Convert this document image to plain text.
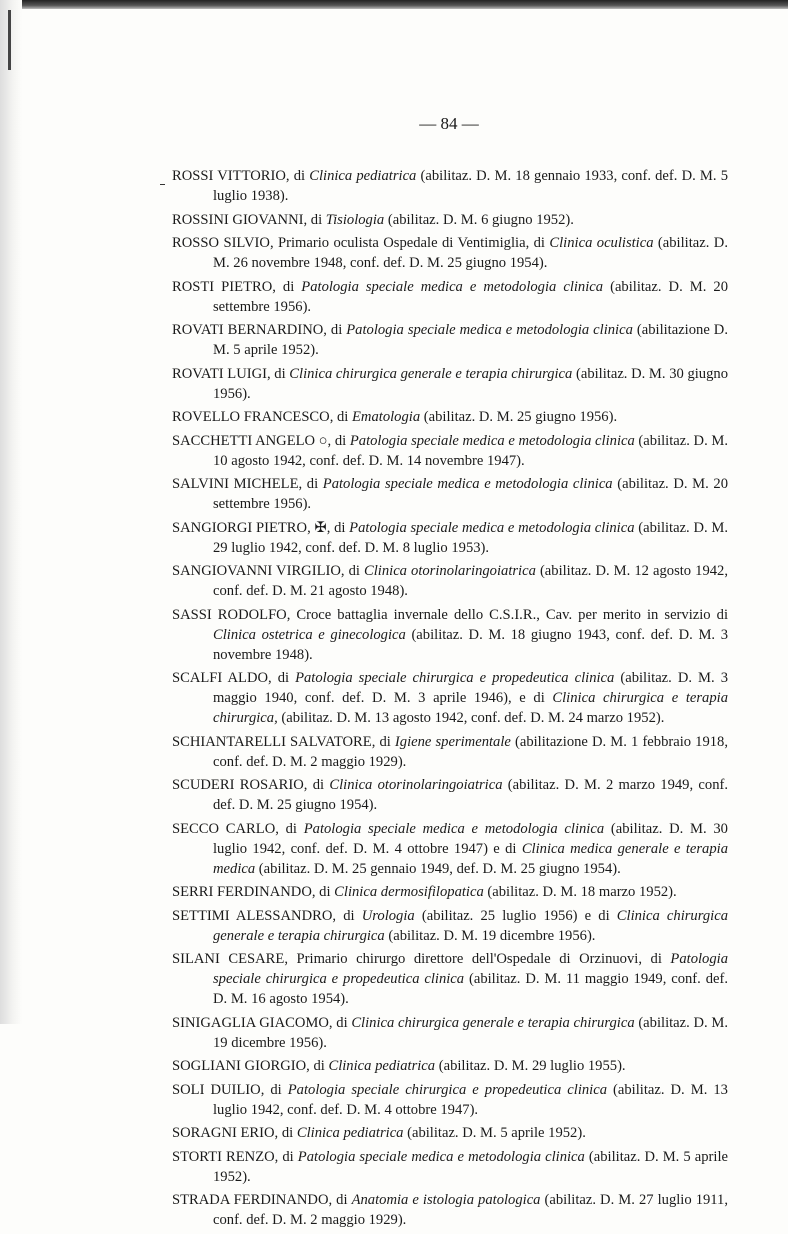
— 84 —
ROSSI VITTORIO, di Clinica pediatrica (abilitaz. D. M. 18 gennaio 1933, conf. def. D. M. 5 luglio 1938).
ROSSINI GIOVANNI, di Tisiologia (abilitaz. D. M. 6 giugno 1952).
ROSSO SILVIO, Primario oculista Ospedale di Ventimiglia, di Clinica oculistica (abilitaz. D. M. 26 novembre 1948, conf. def. D. M. 25 giugno 1954).
ROSTI PIETRO, di Patologia speciale medica e metodologia clinica (abilitaz. D. M. 20 settembre 1956).
ROVATI BERNARDINO, di Patologia speciale medica e metodologia clinica (abilitazione D. M. 5 aprile 1952).
ROVATI LUIGI, di Clinica chirurgica generale e terapia chirurgica (abilitaz. D. M. 30 giugno 1956).
ROVELLO FRANCESCO, di Ematologia (abilitaz. D. M. 25 giugno 1956).
SACCHETTI ANGELO ○, di Patologia speciale medica e metodologia clinica (abilitaz. D. M. 10 agosto 1942, conf. def. D. M. 14 novembre 1947).
SALVINI MICHELE, di Patologia speciale medica e metodologia clinica (abilitaz. D. M. 20 settembre 1956).
SANGIORGI PIETRO, ✠, di Patologia speciale medica e metodologia clinica (abilitaz. D. M. 29 luglio 1942, conf. def. D. M. 8 luglio 1953).
SANGIOVANNI VIRGILIO, di Clinica otorinolaringoiatrica (abilitaz. D. M. 12 agosto 1942, conf. def. D. M. 21 agosto 1948).
SASSI RODOLFO, Croce battaglia invernale dello C.S.I.R., Cav. per merito in servizio di Clinica ostetrica e ginecologica (abilitaz. D. M. 18 giugno 1943, conf. def. D. M. 3 novembre 1948).
SCALFI ALDO, di Patologia speciale chirurgica e propedeutica clinica (abilitaz. D. M. 3 maggio 1940, conf. def. D. M. 3 aprile 1946), e di Clinica chirurgica e terapia chirurgica, (abilitaz. D. M. 13 agosto 1942, conf. def. D. M. 24 marzo 1952).
SCHIANTARELLI SALVATORE, di Igiene sperimentale (abilitazione D. M. 1 febbraio 1918, conf. def. D. M. 2 maggio 1929).
SCUDERI ROSARIO, di Clinica otorinolaringoiatrica (abilitaz. D. M. 2 marzo 1949, conf. def. D. M. 25 giugno 1954).
SECCO CARLO, di Patologia speciale medica e metodologia clinica (abilitaz. D. M. 30 luglio 1942, conf. def. D. M. 4 ottobre 1947) e di Clinica medica generale e terapia medica (abilitaz. D. M. 25 gennaio 1949, def. D. M. 25 giugno 1954).
SERRI FERDINANDO, di Clinica dermosifilopatica (abilitaz. D. M. 18 marzo 1952).
SETTIMI ALESSANDRO, di Urologia (abilitaz. 25 luglio 1956) e di Clinica chirurgica generale e terapia chirurgica (abilitaz. D. M. 19 dicembre 1956).
SILANI CESARE, Primario chirurgo direttore dell'Ospedale di Orzinuovi, di Patologia speciale chirurgica e propedeutica clinica (abilitaz. D. M. 11 maggio 1949, conf. def. D. M. 16 agosto 1954).
SINIGAGLIA GIACOMO, di Clinica chirurgica generale e terapia chirurgica (abilitaz. D. M. 19 dicembre 1956).
SOGLIANI GIORGIO, di Clinica pediatrica (abilitaz. D. M. 29 luglio 1955).
SOLI DUILIO, di Patologia speciale chirurgica e propedeutica clinica (abilitaz. D. M. 13 luglio 1942, conf. def. D. M. 4 ottobre 1947).
SORAGNI ERIO, di Clinica pediatrica (abilitaz. D. M. 5 aprile 1952).
STORTI RENZO, di Patologia speciale medica e metodologia clinica (abilitaz. D. M. 5 aprile 1952).
STRADA FERDINANDO, di Anatomia e istologia patologica (abilitaz. D. M. 27 luglio 1911, conf. def. D. M. 2 maggio 1929).
